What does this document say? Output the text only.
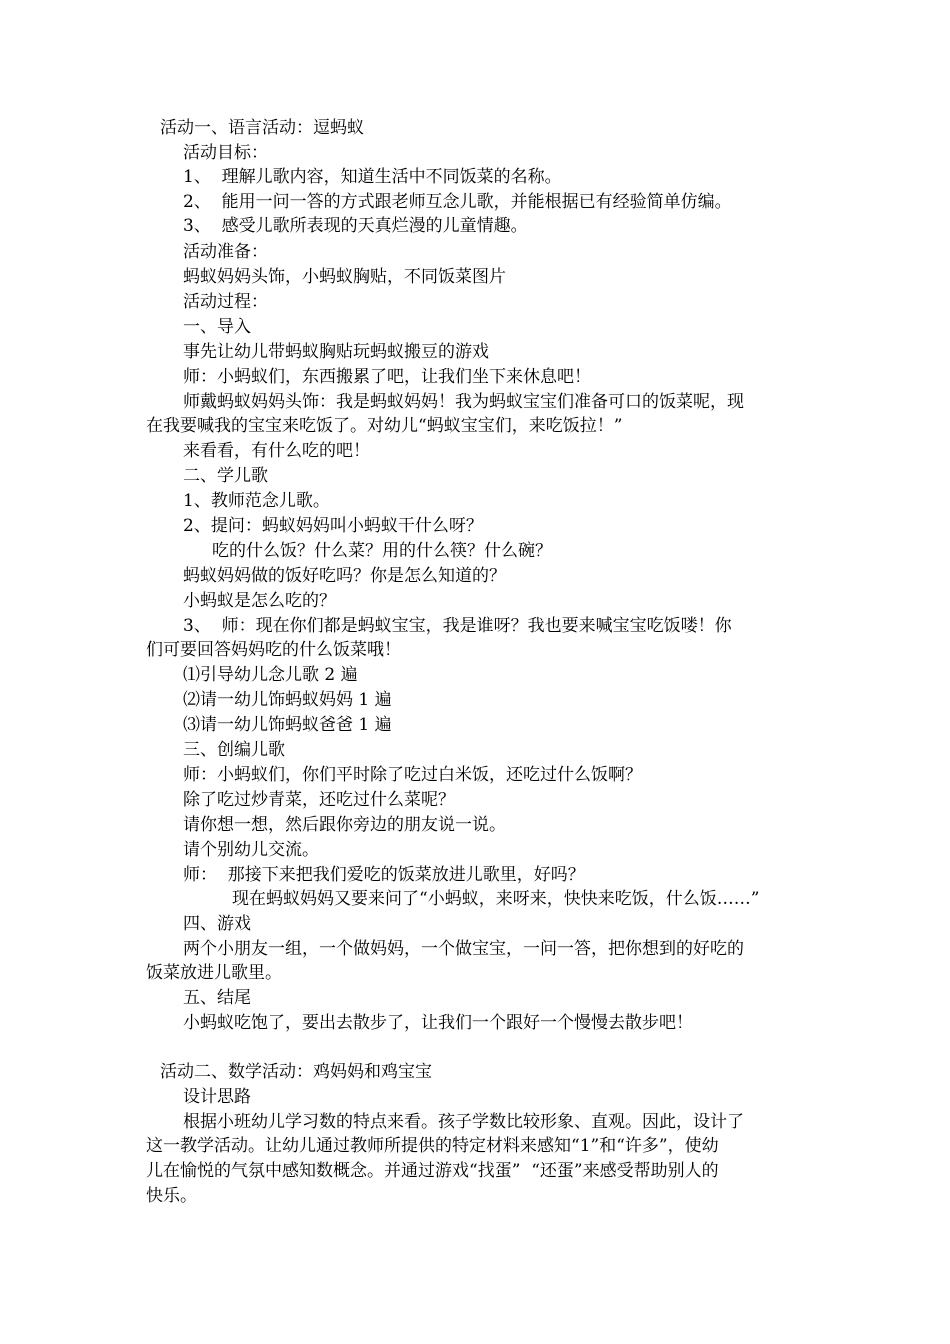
活动一、语言活动：逗蚂蚁
活动目标：
1、  理解儿歌内容，知道生活中不同饭菜的名称。
2、  能用一问一答的方式跟老师互念儿歌，并能根据已有经验简单仿编。
3、  感受儿歌所表现的天真烂漫的儿童情趣。
活动准备：
蚂蚁妈妈头饰，小蚂蚁胸贴，不同饭菜图片
活动过程：
一、导入
事先让幼儿带蚂蚁胸贴玩蚂蚁搬豆的游戏
师：小蚂蚁们，东西搬累了吧，让我们坐下来休息吧！
师戴蚂蚁妈妈头饰：我是蚂蚁妈妈！我为蚂蚁宝宝们准备可口的饭菜呢，现
在我要喊我的宝宝来吃饭了。对幼儿“蚂蚁宝宝们，来吃饭拉！”
来看看，有什么吃的吧！
二、学儿歌
1、教师范念儿歌。
2、提问：蚂蚁妈妈叫小蚂蚁干什么呀？
吃的什么饭？什么菜？用的什么筷？什么碗？
蚂蚁妈妈做的饭好吃吗？你是怎么知道的？
小蚂蚁是怎么吃的？
3、  师：现在你们都是蚂蚁宝宝，我是谁呀？我也要来喊宝宝吃饭喽！你
们可要回答妈妈吃的什么饭菜哦！
⑴引导幼儿念儿歌 2 遍
⑵请一幼儿饰蚂蚁妈妈 1 遍
⑶请一幼儿饰蚂蚁爸爸 1 遍
三、创编儿歌
师：小蚂蚁们，你们平时除了吃过白米饭，还吃过什么饭啊？
除了吃过炒青菜，还吃过什么菜呢？
请你想一想，然后跟你旁边的朋友说一说。
请个别幼儿交流。
师：  那接下来把我们爱吃的饭菜放进儿歌里，好吗？
现在蚂蚁妈妈又要来问了“小蚂蚁，来呀来，快快来吃饭，什么饭……”
四、游戏
两个小朋友一组，一个做妈妈，一个做宝宝，一问一答，把你想到的好吃的
饭菜放进儿歌里。
五、结尾
小蚂蚁吃饱了，要出去散步了，让我们一个跟好一个慢慢去散步吧！
活动二、数学活动：鸡妈妈和鸡宝宝
设计思路
根据小班幼儿学习数的特点来看。孩子学数比较形象、直观。因此，设计了
这一教学活动。让幼儿通过教师所提供的特定材料来感知“1”和“许多”，使幼
儿在愉悦的气氛中感知数概念。并通过游戏“找蛋”  “还蛋”来感受帮助别人的
快乐。
